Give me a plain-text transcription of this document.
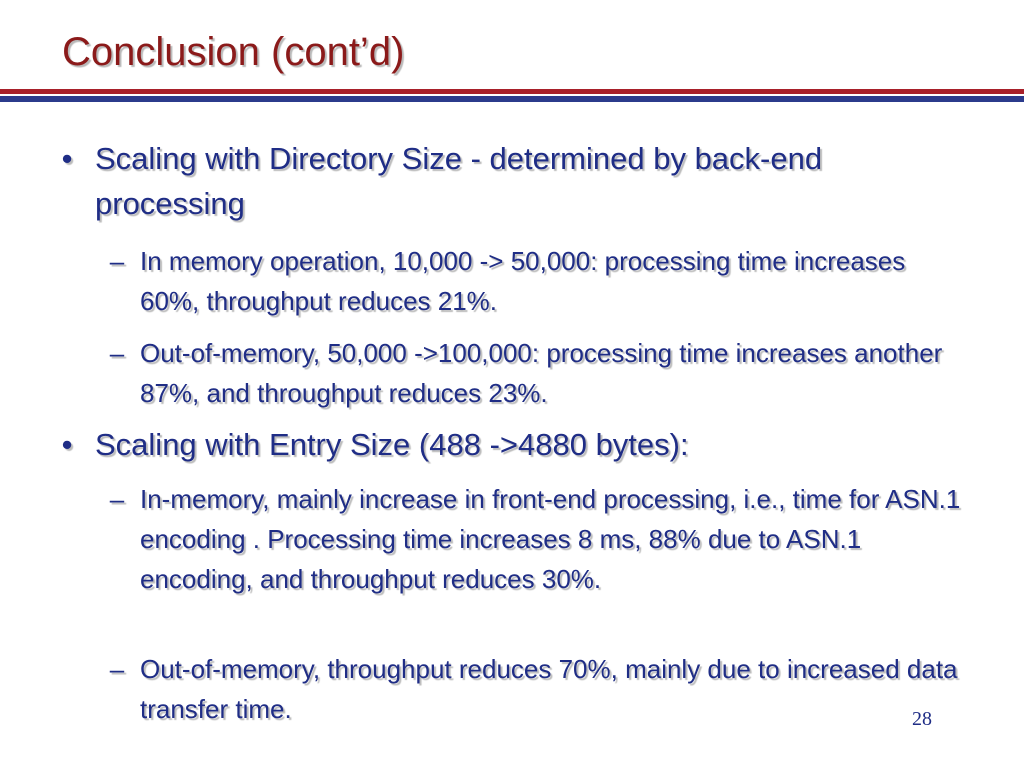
Conclusion (cont’d)
• Scaling with Directory Size - determined by back-end processing
– In memory operation, 10,000 -> 50,000: processing time increases 60%, throughput reduces 21%.
– Out-of-memory, 50,000 ->100,000: processing time increases another 87%, and throughput reduces 23%.
• Scaling with Entry Size (488 ->4880 bytes):
– In-memory, mainly increase in front-end processing, i.e., time for ASN.1 encoding . Processing time increases 8 ms, 88% due to ASN.1 encoding, and throughput reduces 30%.
– Out-of-memory, throughput reduces 70%, mainly due to increased data transfer time.	28
